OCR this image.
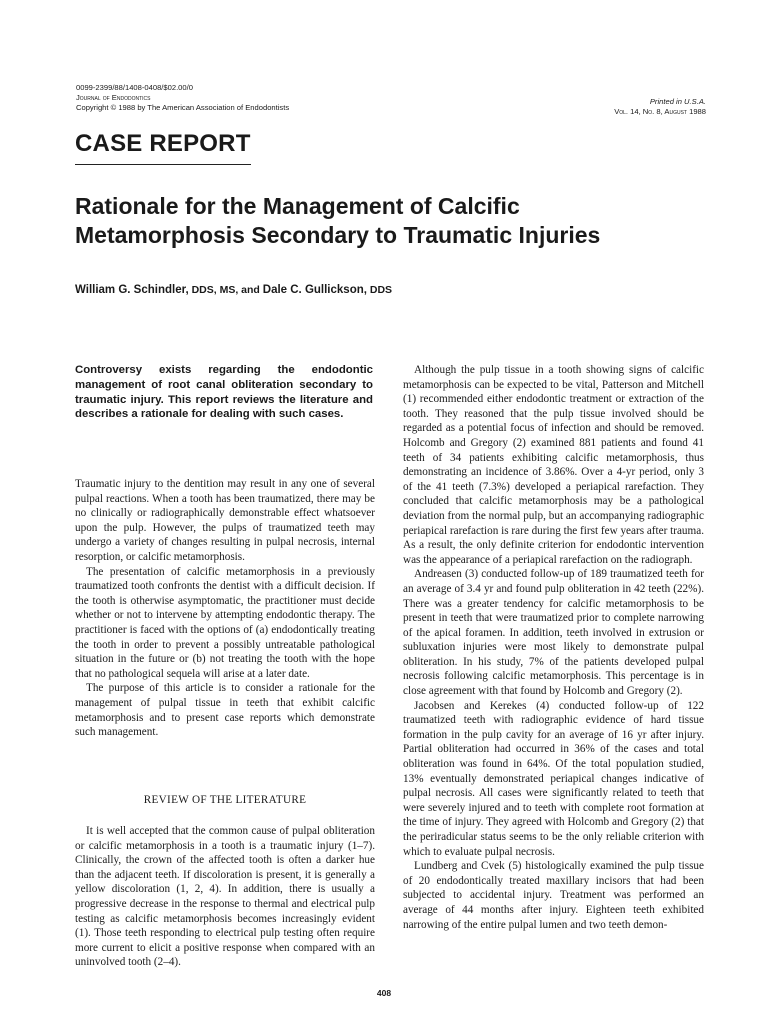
0099-2399/88/1408-0408/$02.00/0
Journal of Endodontics
Copyright © 1988 by The American Association of Endodontists
Printed in U.S.A.
Vol. 14, No. 8, August 1988
CASE REPORT
Rationale for the Management of Calcific
Metamorphosis Secondary to Traumatic Injuries
William G. Schindler, DDS, MS, and Dale C. Gullickson, DDS
Controversy exists regarding the endodontic management of root canal obliteration secondary to traumatic injury. This report reviews the literature and describes a rationale for dealing with such cases.

Traumatic injury to the dentition may result in any one of several pulpal reactions. When a tooth has been traumatized, there may be no clinically or radiographically demonstrable effect whatsoever upon the pulp. However, the pulps of traumatized teeth may undergo a variety of changes resulting in pulpal necrosis, internal resorption, or calcific metamorphosis.

The presentation of calcific metamorphosis in a previously traumatized tooth confronts the dentist with a difficult decision. If the tooth is otherwise asymptomatic, the practitioner must decide whether or not to intervene by attempting endodontic therapy. The practitioner is faced with the options of (a) endodontically treating the tooth in order to prevent a possibly untreatable pathological situation in the future or (b) not treating the tooth with the hope that no pathological sequela will arise at a later date.

The purpose of this article is to consider a rationale for the management of pulpal tissue in teeth that exhibit calcific metamorphosis and to present case reports which demonstrate such management.

REVIEW OF THE LITERATURE

It is well accepted that the common cause of pulpal obliteration or calcific metamorphosis in a tooth is a traumatic injury (1–7). Clinically, the crown of the affected tooth is often a darker hue than the adjacent teeth. If discoloration is present, it is generally a yellow discoloration (1, 2, 4). In addition, there is usually a progressive decrease in the response to thermal and electrical pulp testing as calcific metamorphosis becomes increasingly evident (1). Those teeth responding to electrical pulp testing often require more current to elicit a positive response when compared with an uninvolved tooth (2–4).

Although the pulp tissue in a tooth showing signs of calcific metamorphosis can be expected to be vital, Patterson and Mitchell (1) recommended either endodontic treatment or extraction of the tooth. They reasoned that the pulp tissue involved should be regarded as a potential focus of infection and should be removed. Holcomb and Gregory (2) examined 881 patients and found 41 teeth of 34 patients exhibiting calcific metamorphosis, thus demonstrating an incidence of 3.86%. Over a 4-yr period, only 3 of the 41 teeth (7.3%) developed a periapical rarefaction. They concluded that calcific metamorphosis may be a pathological deviation from the normal pulp, but an accompanying radiographic periapical rarefaction is rare during the first few years after trauma. As a result, the only definite criterion for endodontic intervention was the appearance of a periapical rarefaction on the radiograph.

Andreasen (3) conducted follow-up of 189 traumatized teeth for an average of 3.4 yr and found pulp obliteration in 42 teeth (22%). There was a greater tendency for calcific metamorphosis to be present in teeth that were traumatized prior to complete narrowing of the apical foramen. In addition, teeth involved in extrusion or subluxation injuries were most likely to demonstrate pulpal obliteration. In his study, 7% of the patients developed pulpal necrosis following calcific metamorphosis. This percentage is in close agreement with that found by Holcomb and Gregory (2).

Jacobsen and Kerekes (4) conducted follow-up of 122 traumatized teeth with radiographic evidence of hard tissue formation in the pulp cavity for an average of 16 yr after injury. Partial obliteration had occurred in 36% of the cases and total obliteration was found in 64%. Of the total population studied, 13% eventually demonstrated periapical changes indicative of pulpal necrosis. All cases were significantly related to teeth that were severely injured and to teeth with complete root formation at the time of injury. They agreed with Holcomb and Gregory (2) that the periradicular status seems to be the only reliable criterion with which to evaluate pulpal necrosis.

Lundberg and Cvek (5) histologically examined the pulp tissue of 20 endodontically treated maxillary incisors that had been subjected to accidental injury. Treatment was performed an average of 44 months after injury. Eighteen teeth exhibited narrowing of the entire pulpal lumen and two teeth demon-

408
